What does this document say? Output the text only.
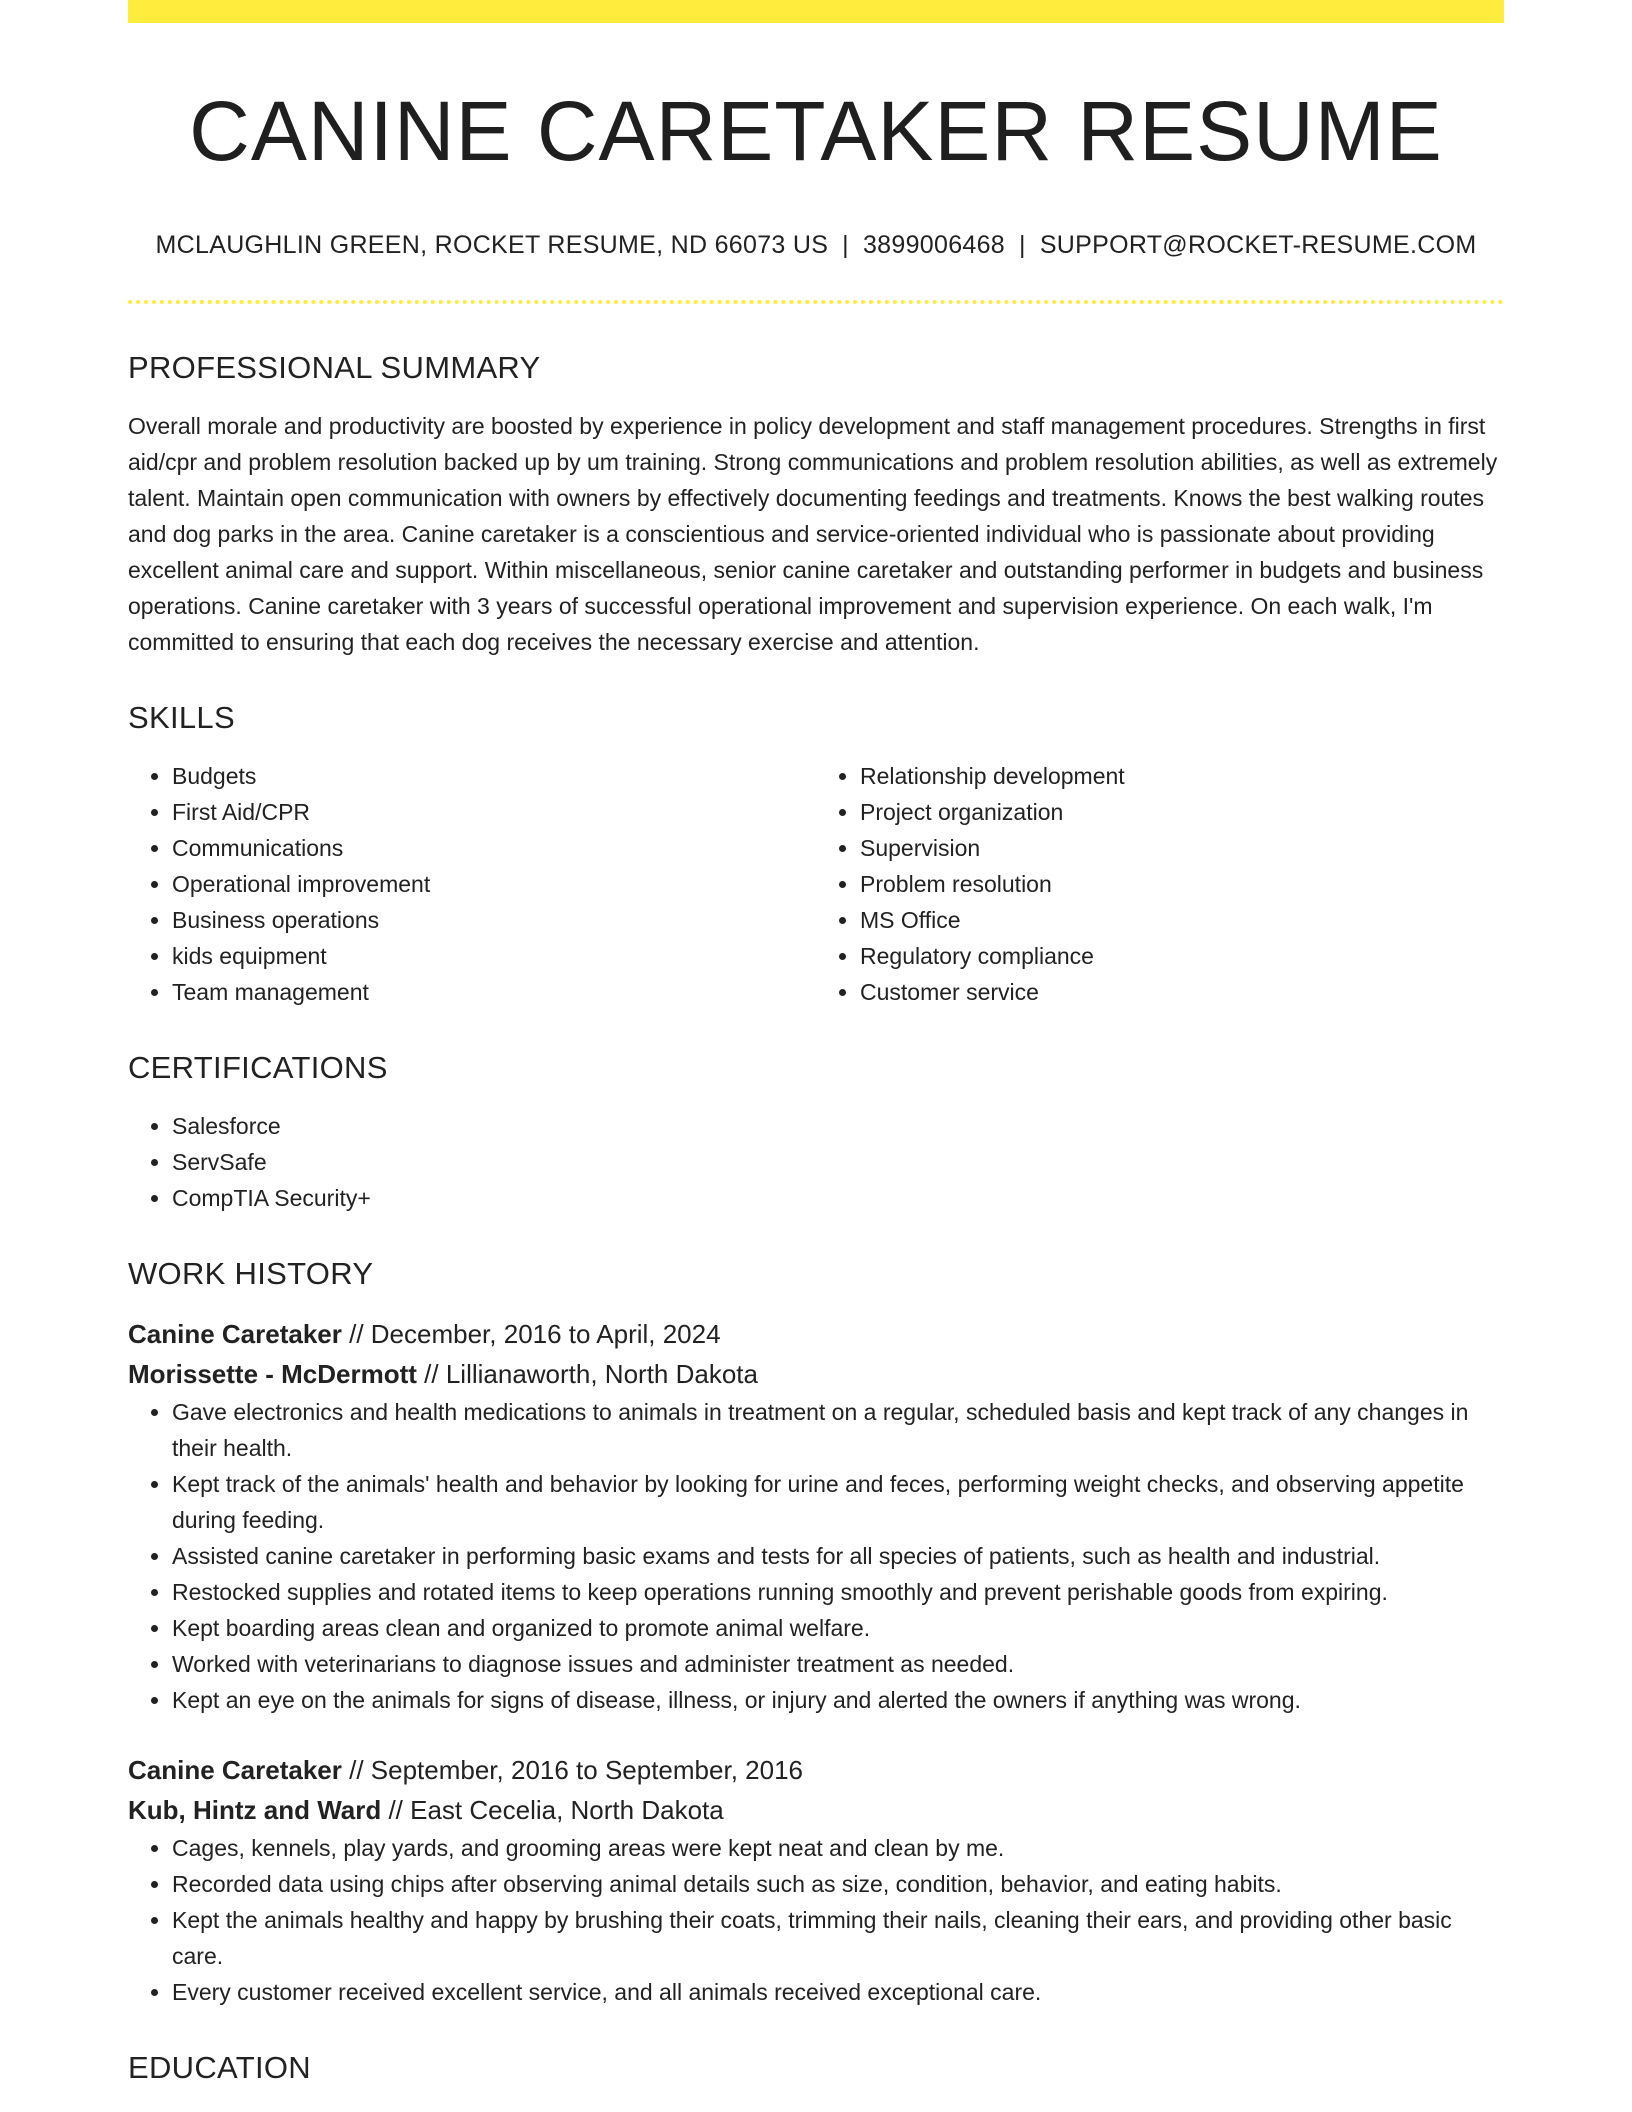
CANINE CARETAKER RESUME
MCLAUGHLIN GREEN, ROCKET RESUME, ND 66073 US | 3899006468 | SUPPORT@ROCKET-RESUME.COM
PROFESSIONAL SUMMARY

Overall morale and productivity are boosted by experience in policy development and staff management procedures. Strengths in first aid/cpr and problem resolution backed up by um training. Strong communications and problem resolution abilities, as well as extremely talent. Maintain open communication with owners by effectively documenting feedings and treatments. Knows the best walking routes and dog parks in the area. Canine caretaker is a conscientious and service-oriented individual who is passionate about providing excellent animal care and support. Within miscellaneous, senior canine caretaker and outstanding performer in budgets and business operations. Canine caretaker with 3 years of successful operational improvement and supervision experience. On each walk, I'm committed to ensuring that each dog receives the necessary exercise and attention.

SKILLS
• Budgets
• First Aid/CPR
• Communications
• Operational improvement
• Business operations
• kids equipment
• Team management
• Relationship development
• Project organization
• Supervision
• Problem resolution
• MS Office
• Regulatory compliance
• Customer service
CERTIFICATIONS
• Salesforce
• ServSafe
• CompTIA Security+
WORK HISTORY
Canine Caretaker // December, 2016 to April, 2024
Morissette - McDermott // Lillianaworth, North Dakota
• Gave electronics and health medications to animals in treatment on a regular, scheduled basis and kept track of any changes in their health.
• Kept track of the animals' health and behavior by looking for urine and feces, performing weight checks, and observing appetite during feeding.
• Assisted canine caretaker in performing basic exams and tests for all species of patients, such as health and industrial.
• Restocked supplies and rotated items to keep operations running smoothly and prevent perishable goods from expiring.
• Kept boarding areas clean and organized to promote animal welfare.
• Worked with veterinarians to diagnose issues and administer treatment as needed.
• Kept an eye on the animals for signs of disease, illness, or injury and alerted the owners if anything was wrong.
Canine Caretaker // September, 2016 to September, 2016
Kub, Hintz and Ward // East Cecelia, North Dakota
• Cages, kennels, play yards, and grooming areas were kept neat and clean by me.
• Recorded data using chips after observing animal details such as size, condition, behavior, and eating habits.
• Kept the animals healthy and happy by brushing their coats, trimming their nails, cleaning their ears, and providing other basic care.
• Every customer received excellent service, and all animals received exceptional care.
EDUCATION
